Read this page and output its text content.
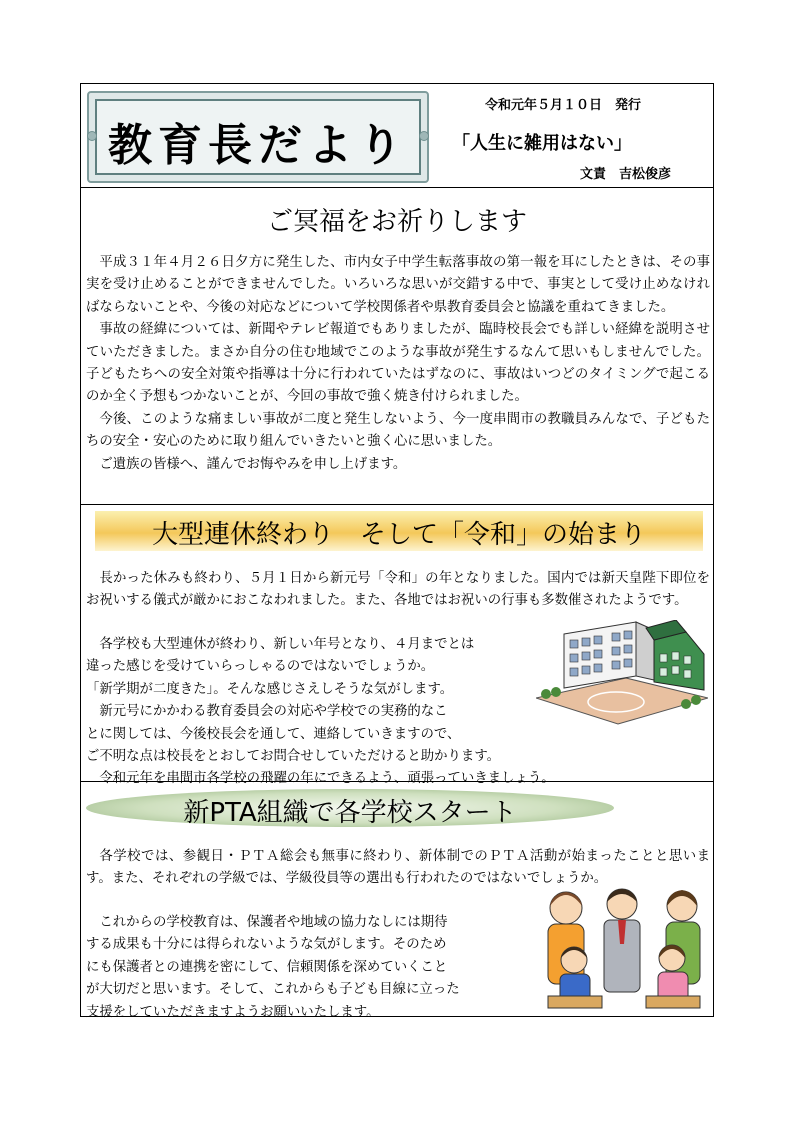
教育長だより
令和元年５月１０日　発行
「人生に雑用はない」
文責　吉松俊彦
ご冥福をお祈りします

平成３１年４月２６日夕方に発生した、市内女子中学生転落事故の第一報を耳にしたときは、その事実を受け止めることができませんでした。いろいろな思いが交錯する中で、事実として受け止めなければならないことや、今後の対応などについて学校関係者や県教育委員会と協議を重ねてきました。

事故の経緯については、新聞やテレビ報道でもありましたが、臨時校長会でも詳しい経緯を説明させていただきました。まさか自分の住む地域でこのような事故が発生するなんて思いもしませんでした。子どもたちへの安全対策や指導は十分に行われていたはずなのに、事故はいつどのタイミングで起こるのか全く予想もつかないことが、今回の事故で強く焼き付けられました。

今後、このような痛ましい事故が二度と発生しないよう、今一度串間市の教職員みんなで、子どもたちの安全・安心のために取り組んでいきたいと強く心に思いました。

ご遺族の皆様へ、謹んでお悔やみを申し上げます。

大型連休終わり　そして「令和」の始まり

長かった休みも終わり、５月１日から新元号「令和」の年となりました。国内では新天皇陛下即位をお祝いする儀式が厳かにおこなわれました。また、各地ではお祝いの行事も多数催されたようです。

　各学校も大型連休が終わり、新しい年号となり、４月までとは
違った感じを受けていらっしゃるのではないでしょうか。
「新学期が二度きた」。そんな感じさえしそうな気がします。
　新元号にかかわる教育委員会の対応や学校での実務的なこ
とに関しては、今後校長会を通して、連絡していきますので、
ご不明な点は校長をとおしてお問合せしていただけると助かります。
　令和元年を串間市各学校の飛躍の年にできるよう、頑張っていきましょう。
新PTA組織で各学校スタート

各学校では、参観日・ＰＴＡ総会も無事に終わり、新体制でのＰＴＡ活動が始まったことと思います。また、それぞれの学級では、学級役員等の選出も行われたのではないでしょうか。

　これからの学校教育は、保護者や地域の協力なしには期待
する成果も十分には得られないような気がします。そのため
にも保護者との連携を密にして、信頼関係を深めていくこと
が大切だと思います。そして、これからも子ども目線に立った
支援をしていただきますようお願いいたします。
